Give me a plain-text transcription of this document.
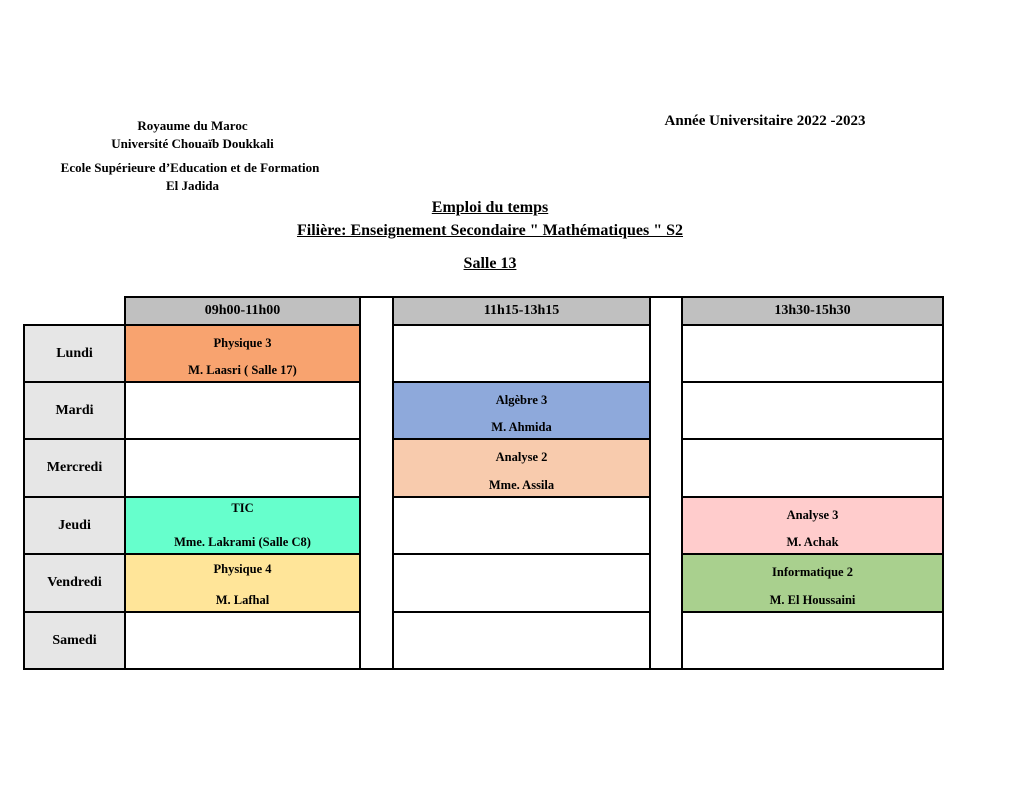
Royaume du Maroc
Université Chouaïb Doukkali
Ecole Supérieure d’Education et de Formation
El Jadida
Année Universitaire 2022 -2023
Emploi du temps
Filière: Enseignement Secondaire " Mathématiques " S2
Salle 13
09h00-11h00	11h15-13h15	13h30-15h30
Lundi
Mardi
Mercredi
Jeudi
Vendredi
Samedi
Physique 3
M. Laasri ( Salle 17)
Algèbre 3
M. Ahmida
Analyse 2
Mme. Assila
TIC
Mme. Lakrami (Salle C8)
Analyse 3
M. Achak
Physique 4
M. Lafhal
Informatique 2
M. El Houssaini
